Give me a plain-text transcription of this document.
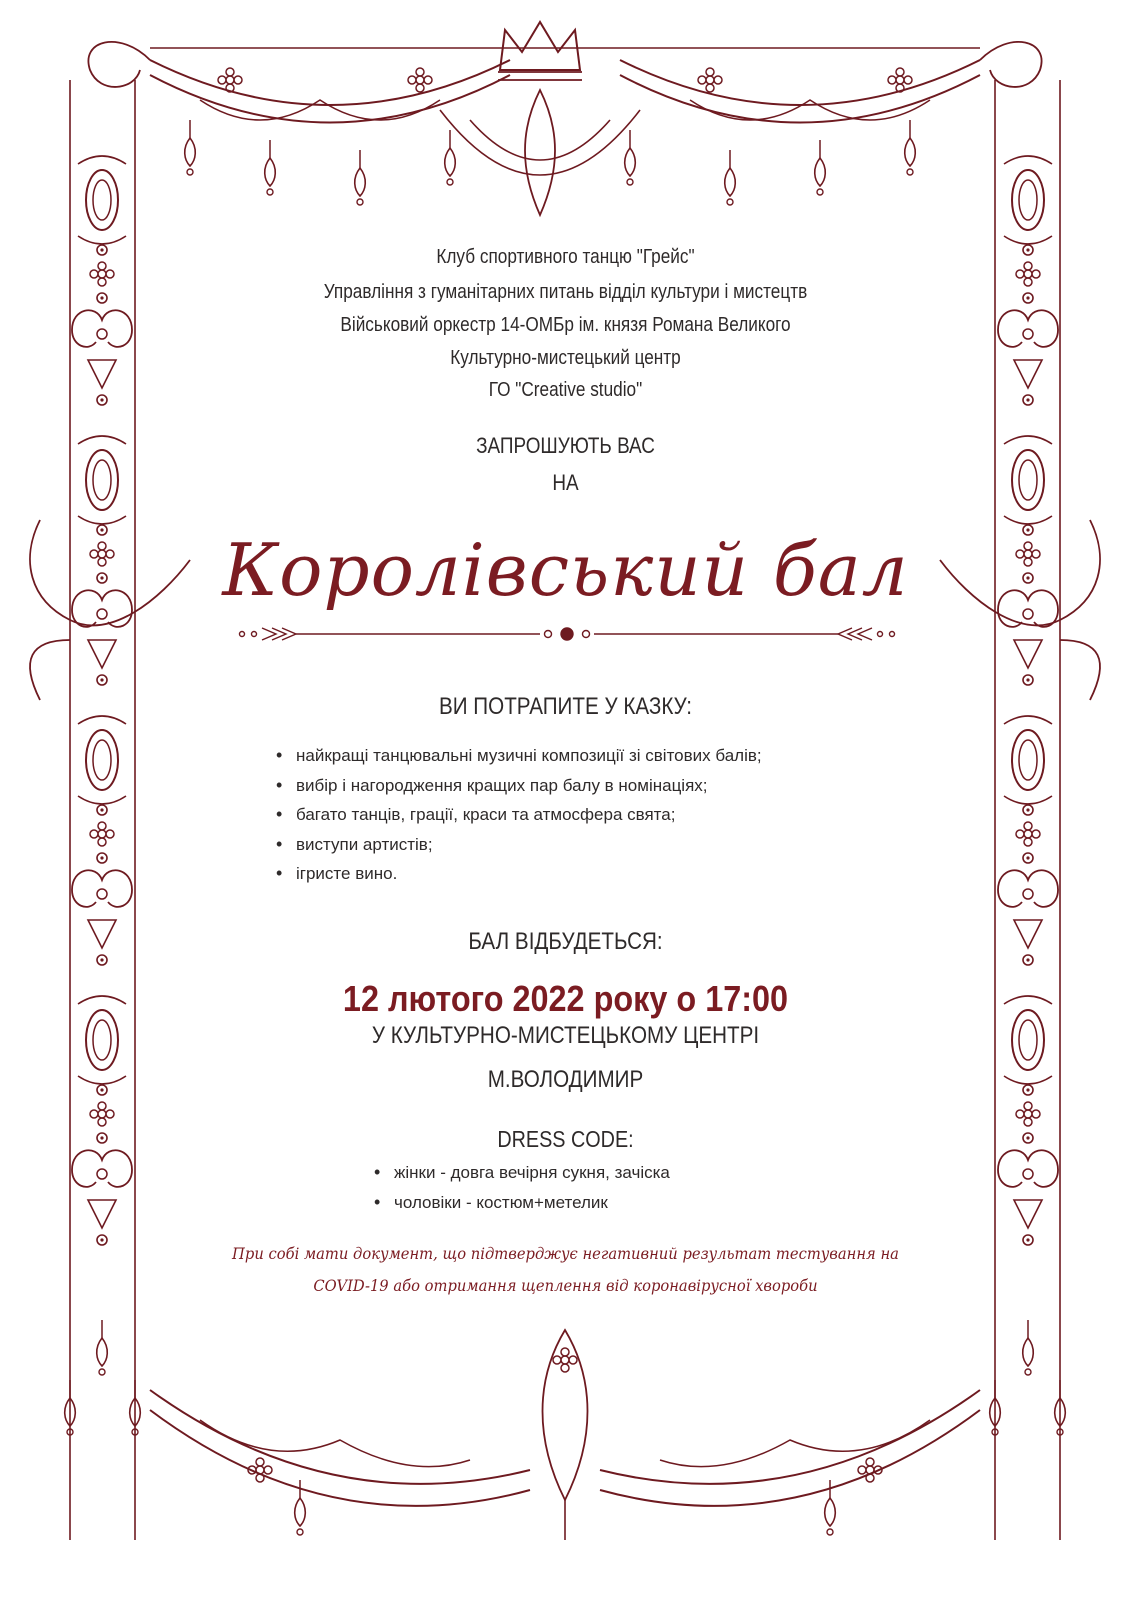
Клуб спортивного танцю "Грейс"
Управління з гуманітарних питань відділ культури і мистецтв
Військовий оркестр 14-ОМБр ім. князя Романа Великого
Культурно-мистецький центр
ГО "Creative studio"
ЗАПРОШУЮТЬ ВАС
НА
Королівський бал
ВИ ПОТРАПИТЕ У КАЗКУ:
• найкращі танцювальні музичні композиції зі світових балів;
• вибір і нагородження кращих пар балу в номінаціях;
• багато танців, грації, краси та атмосфера свята;
• виступи артистів;
• ігристе вино.
БАЛ ВІДБУДЕТЬСЯ:
12 лютого 2022 року о 17:00
У КУЛЬТУРНО-МИСТЕЦЬКОМУ ЦЕНТРІ
М.ВОЛОДИМИР
DRESS CODE:
• жінки - довга вечірня сукня, зачіска
• чоловіки - костюм+метелик
При собі мати документ, що підтверджує негативний результат тестування на
COVID-19 або отримання щеплення від коронавірусної хвороби
